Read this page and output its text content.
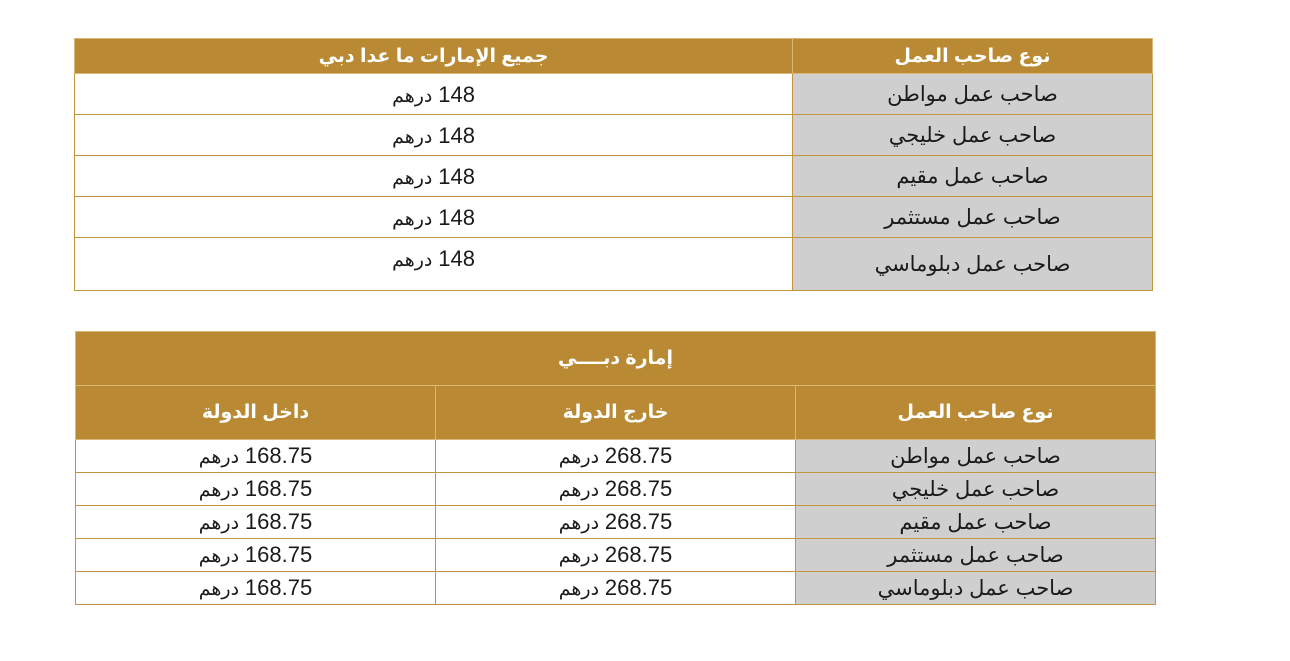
جميع الإمارات ما عدا دبي	نوع صاحب العمل
148 درهم	صاحب عمل مواطن
148 درهم	صاحب عمل خليجي
148 درهم	صاحب عمل مقيم
148 درهم	صاحب عمل مستثمر
148 درهم	صاحب عمل دبلوماسي
إمارة دبــــي		
داخل الدولة	خارج الدولة	نوع صاحب العمل
168.75 درهم	268.75 درهم	صاحب عمل مواطن
168.75 درهم	268.75 درهم	صاحب عمل خليجي
168.75 درهم	268.75 درهم	صاحب عمل مقيم
168.75 درهم	268.75 درهم	صاحب عمل مستثمر
168.75 درهم	268.75 درهم	صاحب عمل دبلوماسي
